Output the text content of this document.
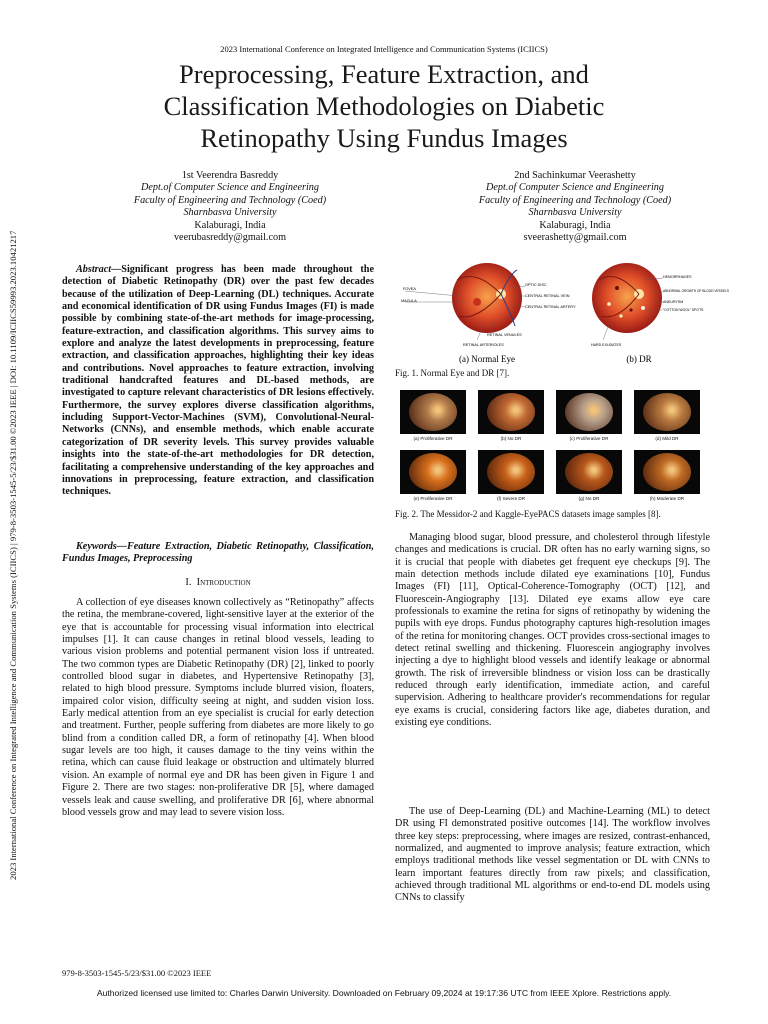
2023 International Conference on Integrated Intelligence and Communication Systems (ICIICS)
Preprocessing, Feature Extraction, and
Classification Methodologies on Diabetic
Retinopathy Using Fundus Images
1st Veerendra Basreddy
Dept.of Computer Science and Engineering
Faculty of Engineering and Technology (Coed)
Sharnbasva University
Kalaburagi, India
veerubasreddy@gmail.com
2nd Sachinkumar Veerashetty
Dept.of Computer Science and Engineering
Faculty of Engineering and Technology (Coed)
Sharnbasva University
Kalaburagi, India
sveerashetty@gmail.com
2023 International Conference on Integrated Intelligence and Communication Systems (ICIICS) | 979-8-3503-1545-5/23/$31.00 ©2023 IEEE | DOI: 10.1109/ICIICS59993.2023.10421217	Abstract—Significant progress has been made throughout the detection of Diabetic Retinopathy (DR) over the past few decades because of the utilization of Deep-Learning (DL) techniques. Accurate and economical identification of DR using Fundus Images (FI) is made possible by combining state-of-the-art methods for image-processing, feature-extraction, and classification algorithms. This survey aims to explore and analyze the latest developments in preprocessing, feature extraction, and classification approaches, highlighting their key ideas and contributions. Novel approaches to feature extraction, involving traditional handcrafted features and DL-based methods, are investigated to capture relevant characteristics of DR lesions effectively. Furthermore, the survey explores diverse classification algorithms, including Support-Vector-Machines (SVM), Convolutional-Neural-Networks (CNNs), and ensemble methods, which enable accurate categorization of DR severity levels. This survey provides valuable insights into the state-of-the-art methodologies for DR detection, facilitating a comprehensive understanding of the key approaches and innovations in preprocessing, feature extraction, and classification techniques.
Keywords—Feature Extraction, Diabetic Retinopathy, Classification, Fundus Images, Preprocessing
I. Introduction
A collection of eye diseases known collectively as “Retinopathy” affects the retina, the membrane-covered, light-sensitive layer at the exterior of the eye that is accountable for processing visual information into electrical impulses [1]. It can cause changes in retinal blood vessels, leading to various vision problems and potential permanent vision loss if untreated. The two common types are Diabetic Retinopathy (DR) [2], linked to poorly controlled blood sugar in diabetes, and Hypertensive Retinopathy [3], related to high blood pressure. Symptoms include blurred vision, floaters, impaired color vision, difficulty seeing at night, and sudden vision loss. Early medical attention from an eye specialist is crucial for early detection and treatment. Further, people suffering from diabetes are more likely to go blind from a condition called DR, a form of retinopathy [4]. When blood sugar levels are too high, it causes damage to the tiny veins within the retina, which can cause fluid leakage or obstruction and ultimately blurred vision. An example of normal eye and DR has been given in Figure 1 and Figure 2. There are two stages: non-proliferative DR [5], where damaged vessels leak and cause swelling, and proliferative DR [6], where abnormal blood vessels grow and may lead to severe vision loss.
FOVEA
MACULA
OPTIC DISC
CENTRAL RETINAL VEIN
CENTRAL RETINAL ARTERY
RETINAL VENULES
RETINAL ARTERIOLES
(a) Normal Eye
HEMORRHAGES
ABNORMAL GROWTH OF BLOOD VESSELS
ANEURYSM
"COTTON WOOL" SPOTS
HARD EXUDATES
(b) DR
Fig. 1. Normal Eye and DR [7].
(a) Proliferative DR	(b) No DR	(c) Proliferative DR	(d) Mild DR
(e) Proliferative DR	(f) Severe DR	(g) No DR	(h) Moderate DR
Fig. 2. The Messidor-2 and Kaggle-EyePACS datasets image samples [8].
Managing blood sugar, blood pressure, and cholesterol through lifestyle changes and medications is crucial. DR often has no early warning signs, so it is crucial that people with diabetes get frequent eye checkups [9]. The main detection methods include dilated eye examinations [10], Fundus Images (FI) [11], Optical-Coherence-Tomography (OCT) [12], and Fluorescein-Angiography [13]. Dilated eye exams allow eye care professionals to examine the retina for signs of retinopathy by widening the pupils with eye drops. Fundus photography captures high-resolution images of the retina for monitoring changes. OCT provides cross-sectional images to detect retinal swelling and thickening. Fluorescein angiography involves injecting a dye to highlight blood vessels and identify leakage or abnormal growth. The risk of irreversible blindness or vision loss can be drastically reduced through early identification, immediate action, and careful supervision. Adhering to healthcare provider's recommendations for regular eye exams is crucial, considering factors like age, diabetes duration, and existing eye conditions.
The use of Deep-Learning (DL) and Machine-Learning (ML) to detect DR using FI demonstrated positive outcomes [14]. The workflow involves three key steps: preprocessing, where images are resized, contrast-enhanced, normalized, and augmented to improve analysis; feature extraction, which employs traditional methods like vessel segmentation or DL with CNNs to learn important features directly from raw pixels; and classification, achieved through traditional ML algorithms or end-to-end DL models using CNNs to classify
979-8-3503-1545-5/23/$31.00 ©2023 IEEE
Authorized licensed use limited to: Charles Darwin University. Downloaded on February 09,2024 at 19:17:36 UTC from IEEE Xplore. Restrictions apply.
